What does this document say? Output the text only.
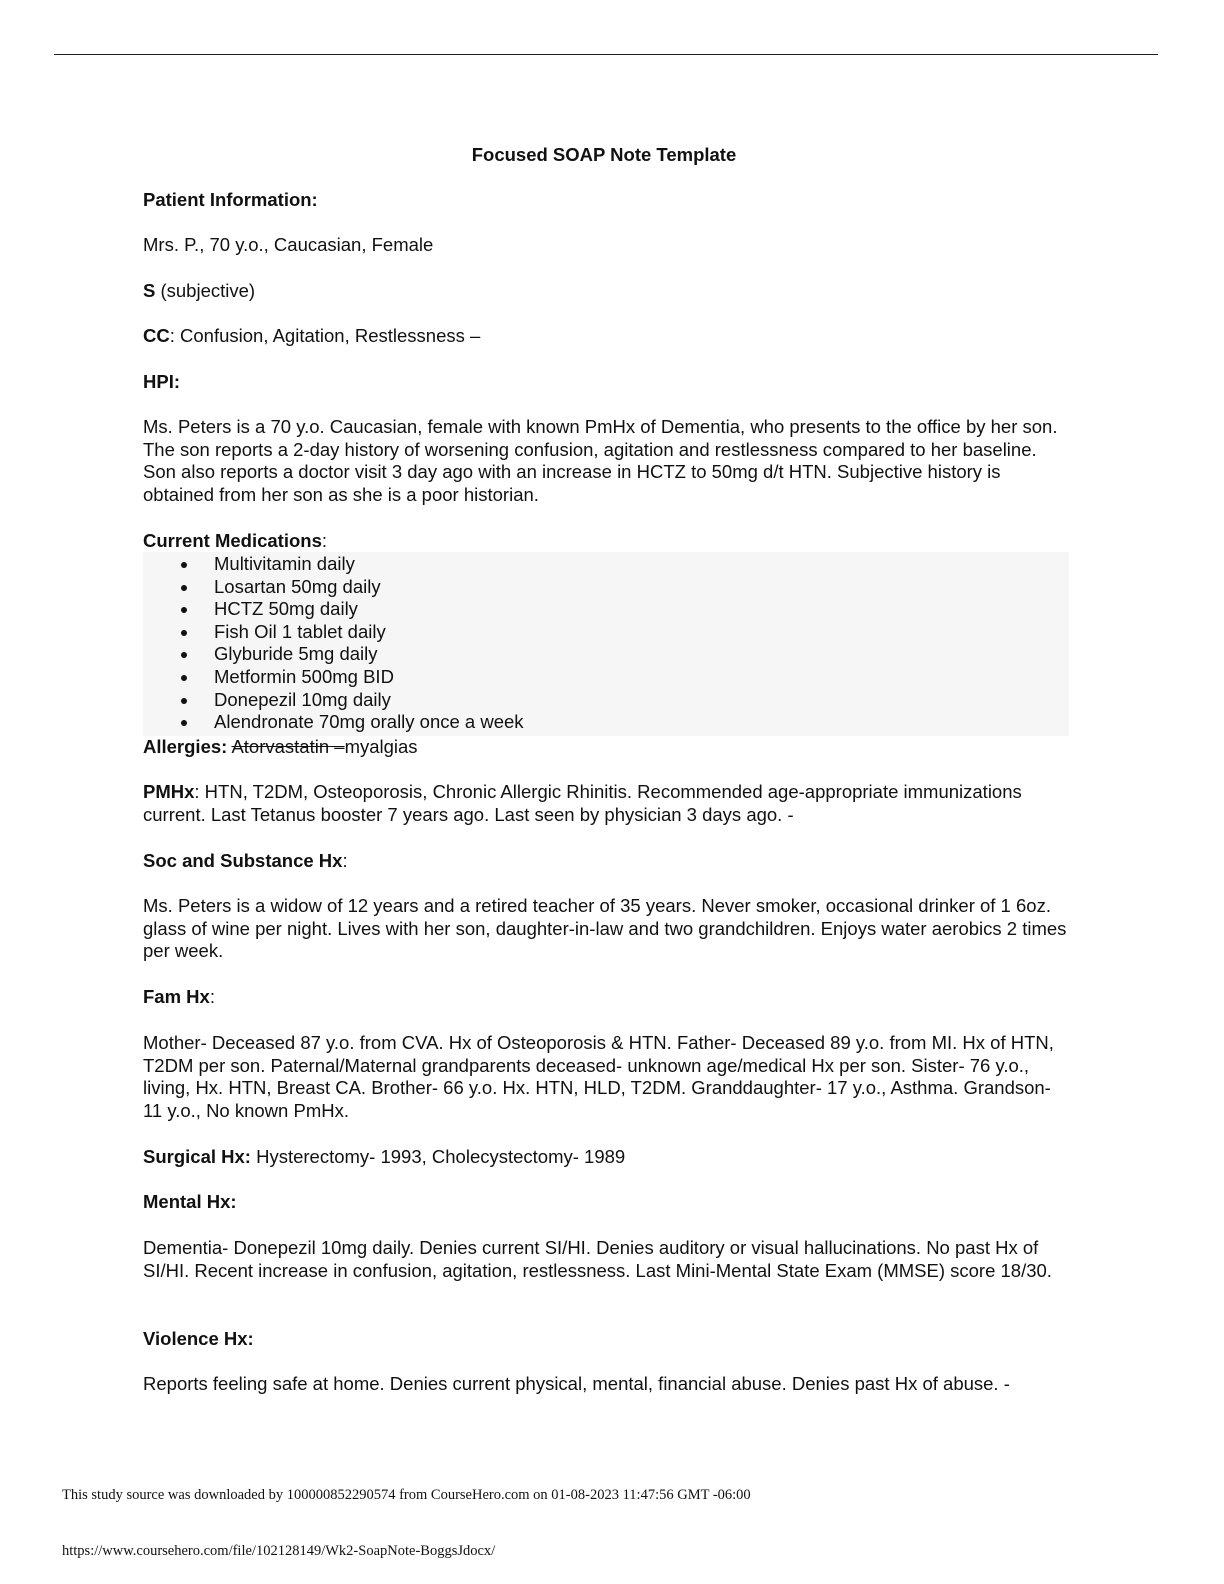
Focused SOAP Note Template
Patient Information:
Mrs. P., 70 y.o., Caucasian, Female
S (subjective)
CC: Confusion, Agitation, Restlessness –
HPI:
Ms. Peters is a 70 y.o. Caucasian, female with known PmHx of Dementia, who presents to the office by her son. The son reports a 2-day history of worsening confusion, agitation and restlessness compared to her baseline. Son also reports a doctor visit 3 day ago with an increase in HCTZ to 50mg d/t HTN. Subjective history is obtained from her son as she is a poor historian.
Current Medications:
Multivitamin daily
Losartan 50mg daily
HCTZ 50mg daily
Fish Oil 1 tablet daily
Glyburide 5mg daily
Metformin 500mg BID
Donepezil 10mg daily
Alendronate 70mg orally once a week
Allergies: Atorvastatin –myalgias
PMHx: HTN, T2DM, Osteoporosis, Chronic Allergic Rhinitis. Recommended age-appropriate immunizations current. Last Tetanus booster 7 years ago. Last seen by physician 3 days ago. -
Soc and Substance Hx:
Ms. Peters is a widow of 12 years and a retired teacher of 35 years. Never smoker, occasional drinker of 1 6oz. glass of wine per night. Lives with her son, daughter-in-law and two grandchildren. Enjoys water aerobics 2 times per week.
Fam Hx:
Mother- Deceased 87 y.o. from CVA. Hx of Osteoporosis & HTN. Father- Deceased 89 y.o. from MI. Hx of HTN, T2DM per son. Paternal/Maternal grandparents deceased- unknown age/medical Hx per son. Sister- 76 y.o., living, Hx. HTN, Breast CA. Brother- 66 y.o. Hx. HTN, HLD, T2DM. Granddaughter- 17 y.o., Asthma. Grandson- 11 y.o., No known PmHx.
Surgical Hx: Hysterectomy- 1993, Cholecystectomy- 1989
Mental Hx:
Dementia- Donepezil 10mg daily. Denies current SI/HI. Denies auditory or visual hallucinations. No past Hx of SI/HI. Recent increase in confusion, agitation, restlessness. Last Mini-Mental State Exam (MMSE) score 18/30.
Violence Hx:
Reports feeling safe at home. Denies current physical, mental, financial abuse. Denies past Hx of abuse. -
This study source was downloaded by 100000852290574 from CourseHero.com on 01-08-2023 11:47:56 GMT -06:00
https://www.coursehero.com/file/102128149/Wk2-SoapNote-BoggsJdocx/
